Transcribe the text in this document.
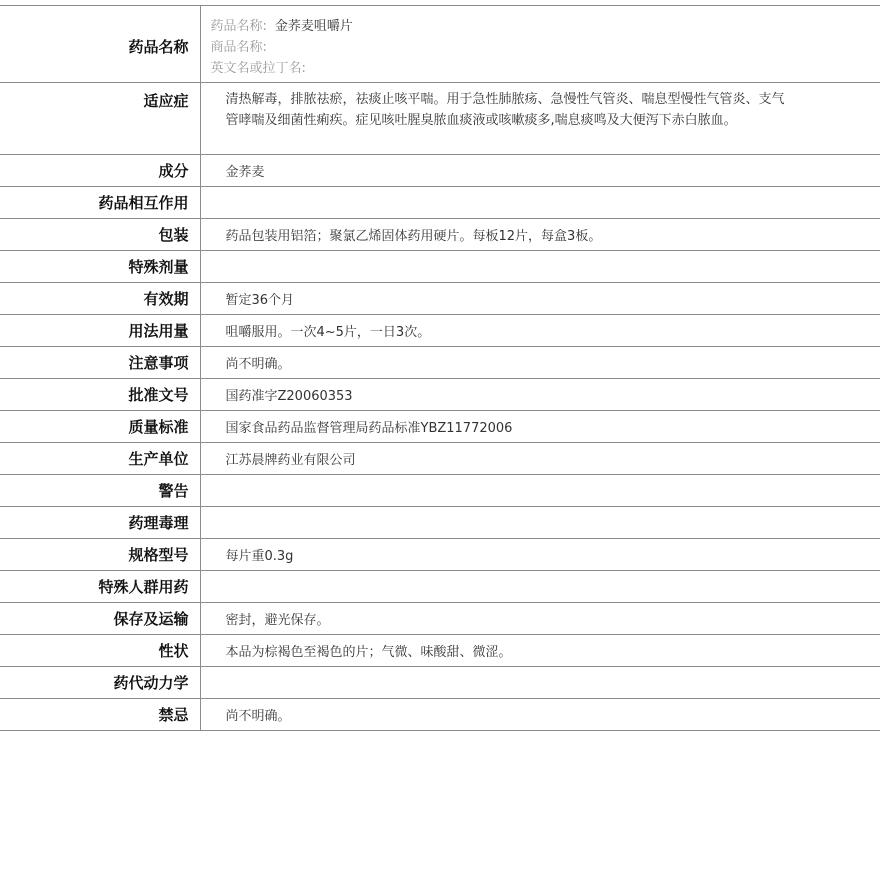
药品名称	药品名称: 金荞麦咀嚼片
商品名称:
英文名或拉丁名:

适应症	清热解毒，排脓祛瘀，祛痰止咳平喘。用于急性肺脓疡、急慢性气管炎、喘息型慢性气管炎、支气管哮喘及细菌性痢疾。症见咳吐腥臭脓血痰液或咳嗽痰多,喘息痰鸣及大便泻下赤白脓血。
成分	金荞麦
药品相互作用	
包装	药品包装用铝箔；聚氯乙烯固体药用硬片。每板12片，每盒3板。
特殊剂量	
有效期	暂定36个月
用法用量	咀嚼服用。一次4~5片，一日3次。
注意事项	尚不明确。
批准文号	国药准字Z20060353
质量标准	国家食品药品监督管理局药品标准YBZ11772006
生产单位	江苏晨牌药业有限公司
警告	
药理毒理	
规格型号	每片重0.3g
特殊人群用药	
保存及运输	密封，避光保存。
性状	本品为棕褐色至褐色的片；气微、味酸甜、微涩。
药代动力学	
禁忌	尚不明确。
